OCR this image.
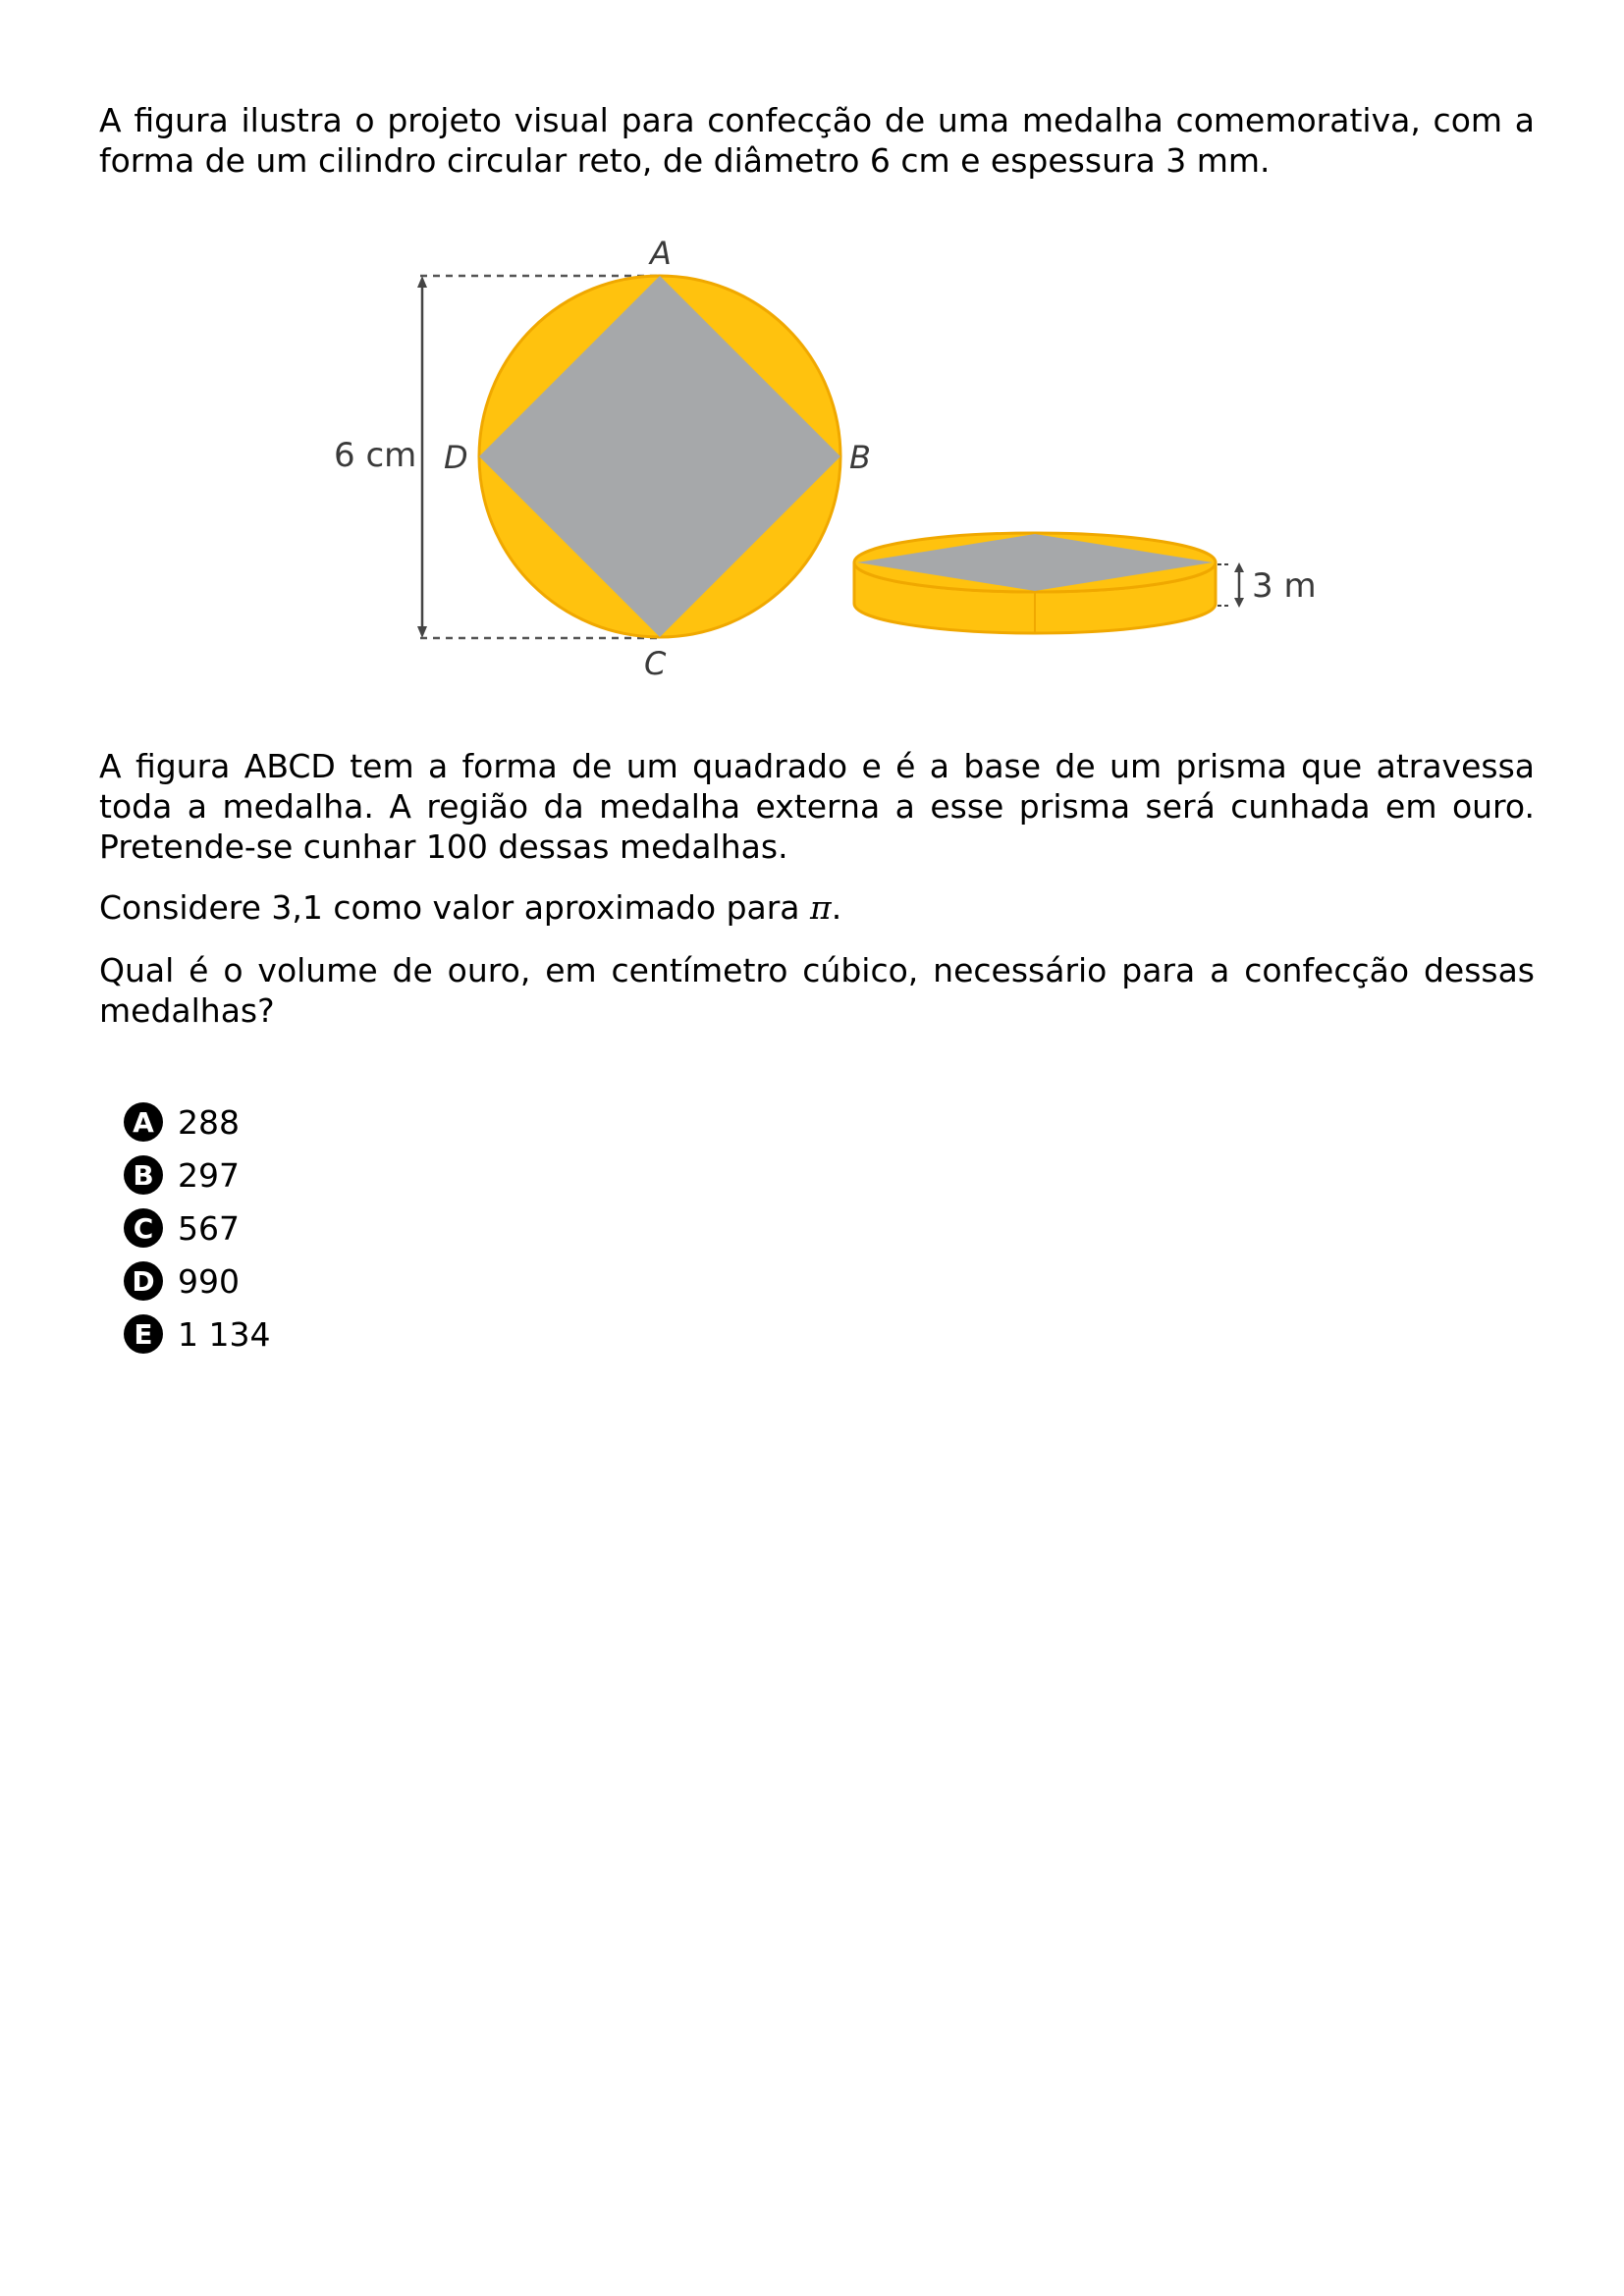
A figura ilustra o projeto visual para confecção de uma medalha comemorativa, com a forma de um cilindro circular reto, de diâmetro 6 cm e espessura 3 mm.

6 cm
A
B
C
D
3 m

A figura ABCD tem a forma de um quadrado e é a base de um prisma que atravessa toda a medalha. A região da medalha externa a esse prisma será cunhada em ouro. Pretende-se cunhar 100 dessas medalhas.

Considere 3,1 como valor aproximado para π.

Qual é o volume de ouro, em centímetro cúbico, necessário para a confecção dessas medalhas?

A 288
B 297
C 567
D 990
E 1 134
